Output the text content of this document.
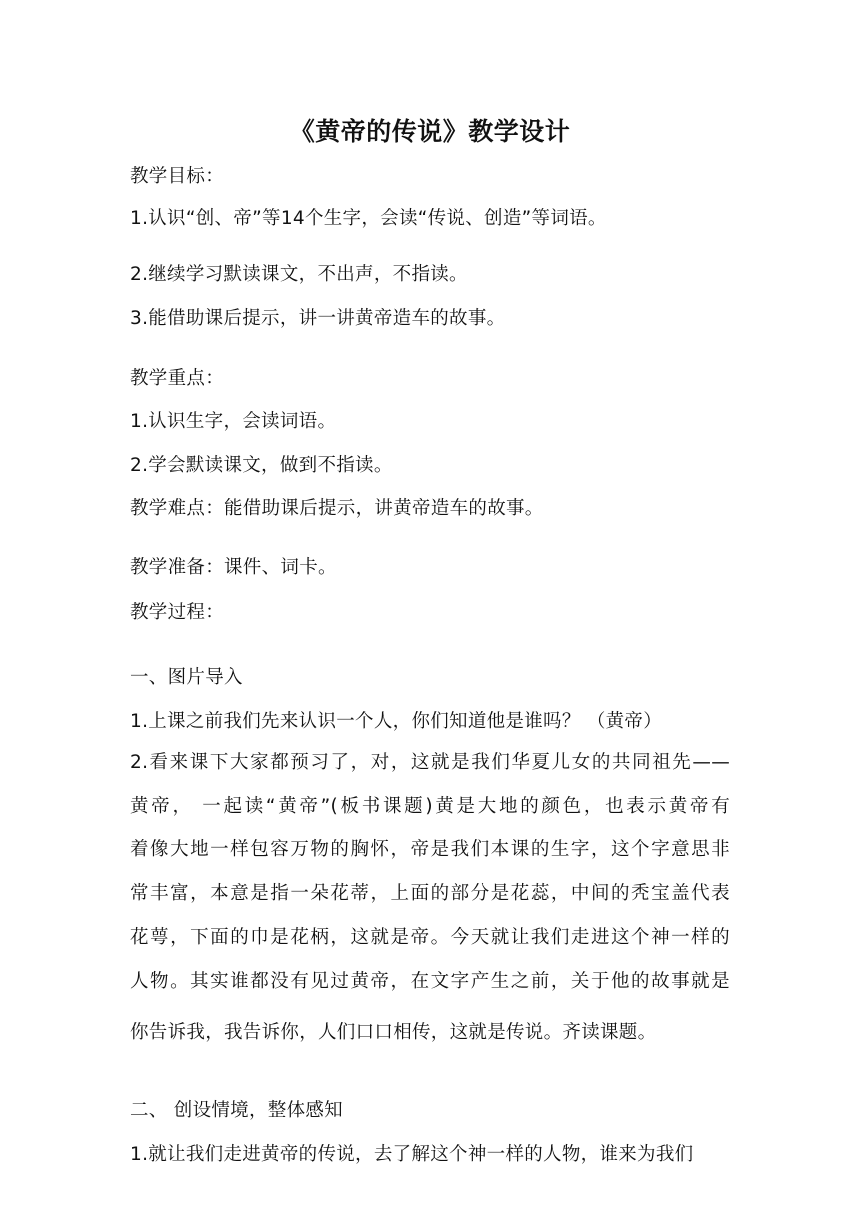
《黄帝的传说》教学设计
教学目标：
1.认识“创、帝”等14个生字，会读“传说、创造”等词语。
2.继续学习默读课文，不出声，不指读。
3.能借助课后提示，讲一讲黄帝造车的故事。
教学重点：
1.认识生字，会读词语。
2.学会默读课文，做到不指读。
教学难点：能借助课后提示，讲黄帝造车的故事。
教学准备：课件、词卡。
教学过程：
一、图片导入
1.上课之前我们先来认识一个人，你们知道他是谁吗？ （黄帝）
2.看来课下大家都预习了，对，这就是我们华夏儿女的共同祖先——
黄帝， 一起读“黄帝”(板书课题)黄是大地的颜色，也表示黄帝有
着像大地一样包容万物的胸怀，帝是我们本课的生字，这个字意思非
常丰富，本意是指一朵花蒂，上面的部分是花蕊，中间的秃宝盖代表
花萼，下面的巾是花柄，这就是帝。今天就让我们走进这个神一样的
人物。其实谁都没有见过黄帝，在文字产生之前，关于他的故事就是
你告诉我，我告诉你，人们口口相传，这就是传说。齐读课题。
二、 创设情境，整体感知
1.就让我们走进黄帝的传说，去了解这个神一样的人物，谁来为我们
